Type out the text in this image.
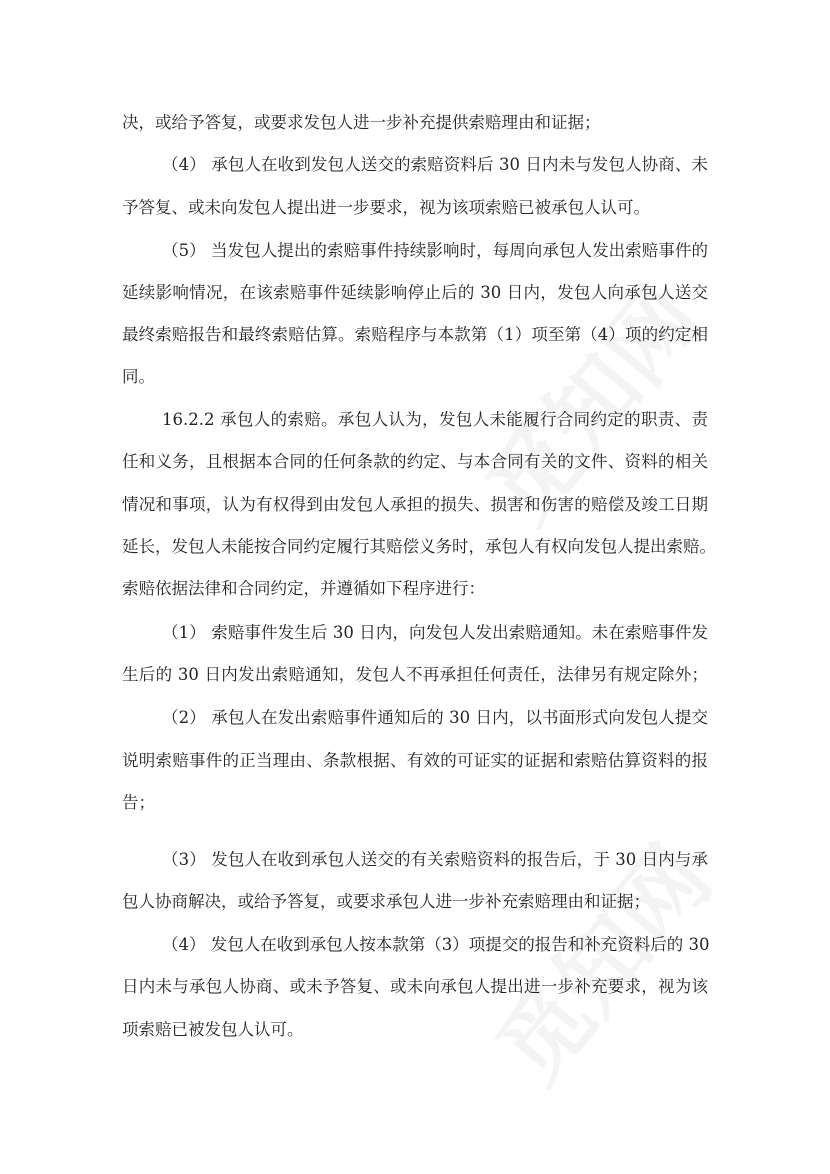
决，或给予答复，或要求发包人进一步补充提供索赔理由和证据；
（4） 承包人在收到发包人送交的索赔资料后 30 日内未与发包人协商、未
予答复、或未向发包人提出进一步要求，视为该项索赔已被承包人认可。
（5） 当发包人提出的索赔事件持续影响时，每周向承包人发出索赔事件的
延续影响情况，在该索赔事件延续影响停止后的 30 日内，发包人向承包人送交
最终索赔报告和最终索赔估算。索赔程序与本款第（1）项至第（4）项的约定相
同。
16.2.2 承包人的索赔。承包人认为，发包人未能履行合同约定的职责、责
任和义务，且根据本合同的任何条款的约定、与本合同有关的文件、资料的相关
情况和事项，认为有权得到由发包人承担的损失、损害和伤害的赔偿及竣工日期
延长，发包人未能按合同约定履行其赔偿义务时，承包人有权向发包人提出索赔。
索赔依据法律和合同约定，并遵循如下程序进行：
（1） 索赔事件发生后 30 日内，向发包人发出索赔通知。未在索赔事件发
生后的 30 日内发出索赔通知，发包人不再承担任何责任，法律另有规定除外；
（2） 承包人在发出索赔事件通知后的 30 日内，以书面形式向发包人提交
说明索赔事件的正当理由、条款根据、有效的可证实的证据和索赔估算资料的报
告；
（3） 发包人在收到承包人送交的有关索赔资料的报告后，于 30 日内与承
包人协商解决，或给予答复，或要求承包人进一步补充索赔理由和证据；
（4） 发包人在收到承包人按本款第（3）项提交的报告和补充资料后的 30
日内未与承包人协商、或未予答复、或未向承包人提出进一步补充要求，视为该
项索赔已被发包人认可。
